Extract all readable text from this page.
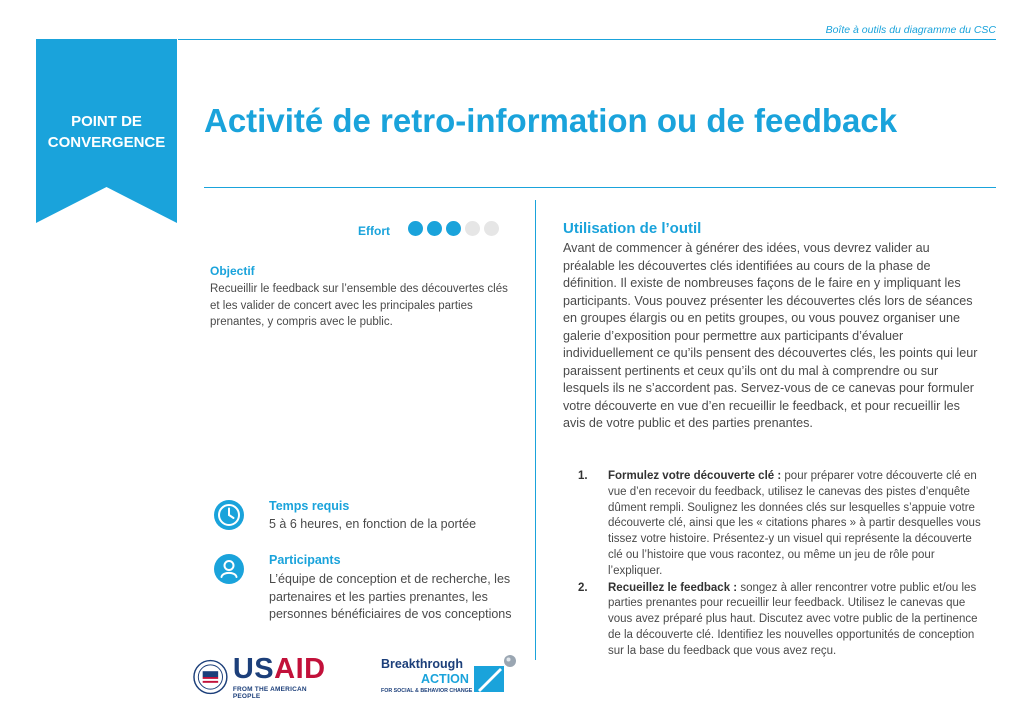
Boîte à outils du diagramme du CSC
POINT DE
CONVERGENCE
Activité de retro-information ou de feedback
Effort
Objectif
Recueillir le feedback sur l’ensemble des découvertes clés et les valider de concert avec les principales parties prenantes, y compris avec le public.
Temps requis
5 à 6 heures, en fonction de la portée
Participants
L’équipe de conception et de recherche, les partenaires et les parties prenantes, les personnes bénéficiaires de vos conceptions
USAID
FROM THE AMERICAN PEOPLE
Breakthrough
ACTION
FOR SOCIAL & BEHAVIOR CHANGE
Utilisation de l’outil
Avant de commencer à générer des idées, vous devrez valider au préalable les découvertes clés identifiées au cours de la phase de définition. Il existe de nombreuses façons de le faire en y impliquant les participants. Vous pouvez présenter les découvertes clés lors de séances en groupes élargis ou en petits groupes, ou vous pouvez organiser une galerie d’exposition pour permettre aux participants d’évaluer individuellement ce qu’ils pensent des découvertes clés, les points qui leur paraissent pertinents et ceux qu’ils ont du mal à comprendre ou sur lesquels ils ne s’accordent pas. Servez-vous de ce canevas pour formuler votre découverte en vue d’en recueillir le feedback, et pour recueillir les avis de votre public et des parties prenantes.
1.	Formulez votre découverte clé : pour préparer votre découverte clé en vue d’en recevoir du feedback, utilisez le canevas des pistes d’enquête dûment rempli. Soulignez les données clés sur lesquelles s’appuie votre découverte clé, ainsi que les « citations phares » à partir desquelles vous tissez votre histoire. Présentez-y un visuel qui représente la découverte clé ou l’histoire que vous racontez, ou même un jeu de rôle pour l’expliquer.
2.	Recueillez le feedback : songez à aller rencontrer votre public et/ou les parties prenantes pour recueillir leur feedback. Utilisez le canevas que vous avez préparé plus haut. Discutez avec votre public de la pertinence de la découverte clé. Identifiez les nouvelles opportunités de conception sur la base du feedback que vous avez reçu.
